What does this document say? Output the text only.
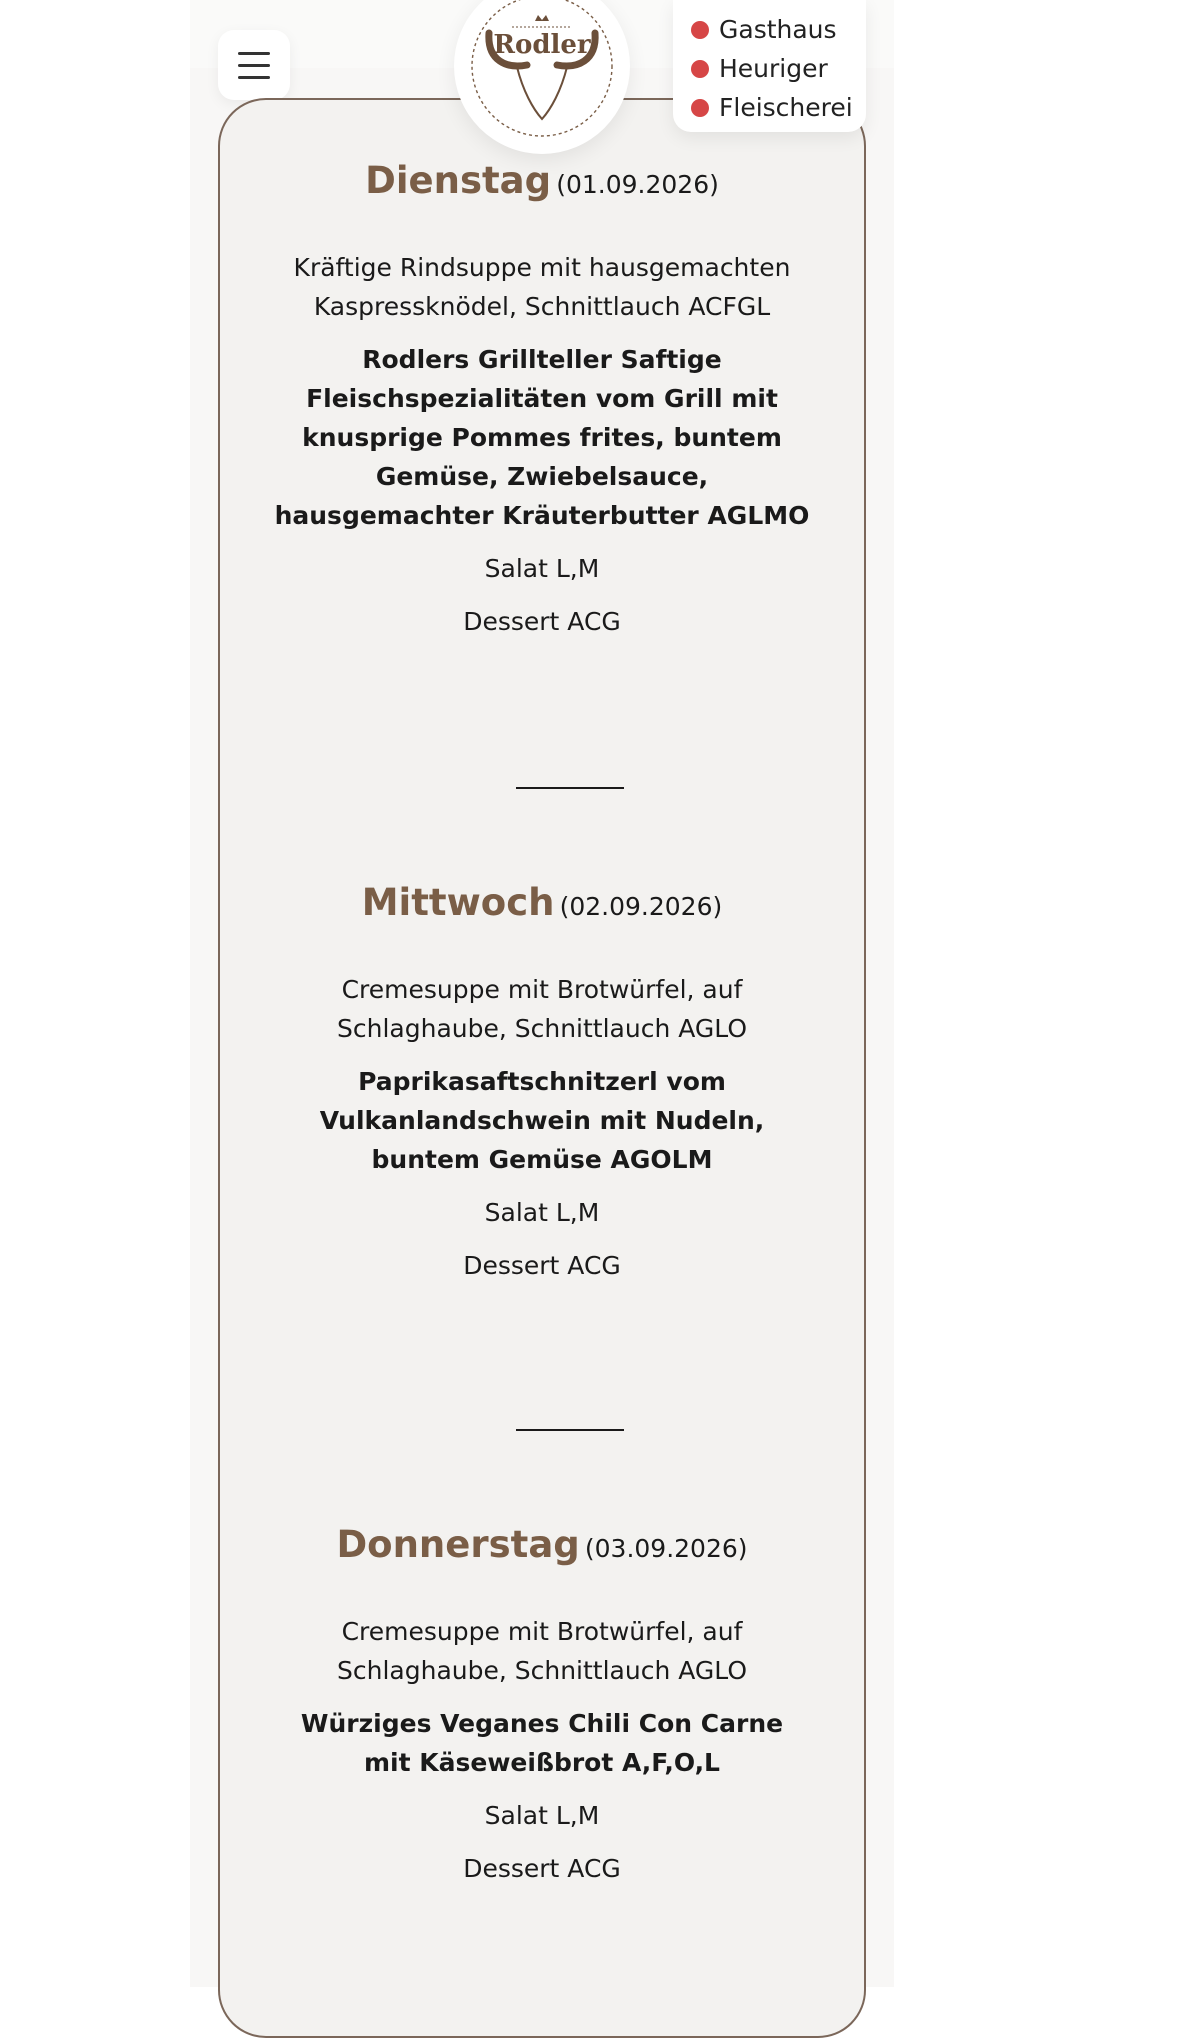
Rodler
Gasthaus
Heuriger
Fleischerei
Dienstag (01.09.2026)
Kräftige Rindsuppe mit hausgemachten Kaspressknödel, Schnittlauch ACFGL
Rodlers Grillteller Saftige Fleischspezialitäten vom Grill mit knusprige Pommes frites, buntem Gemüse, Zwiebelsauce, hausgemachter Kräuterbutter AGLMO
Salat L,M
Dessert ACG
Mittwoch (02.09.2026)
Cremesuppe mit Brotwürfel, auf Schlaghaube, Schnittlauch AGLO
Paprikasaftschnitzerl vom Vulkanlandschwein mit Nudeln, buntem Gemüse AGOLM
Salat L,M
Dessert ACG
Donnerstag (03.09.2026)
Cremesuppe mit Brotwürfel, auf Schlaghaube, Schnittlauch AGLO
Würziges Veganes Chili Con Carne mit Käseweißbrot A,F,O,L
Salat L,M
Dessert ACG
